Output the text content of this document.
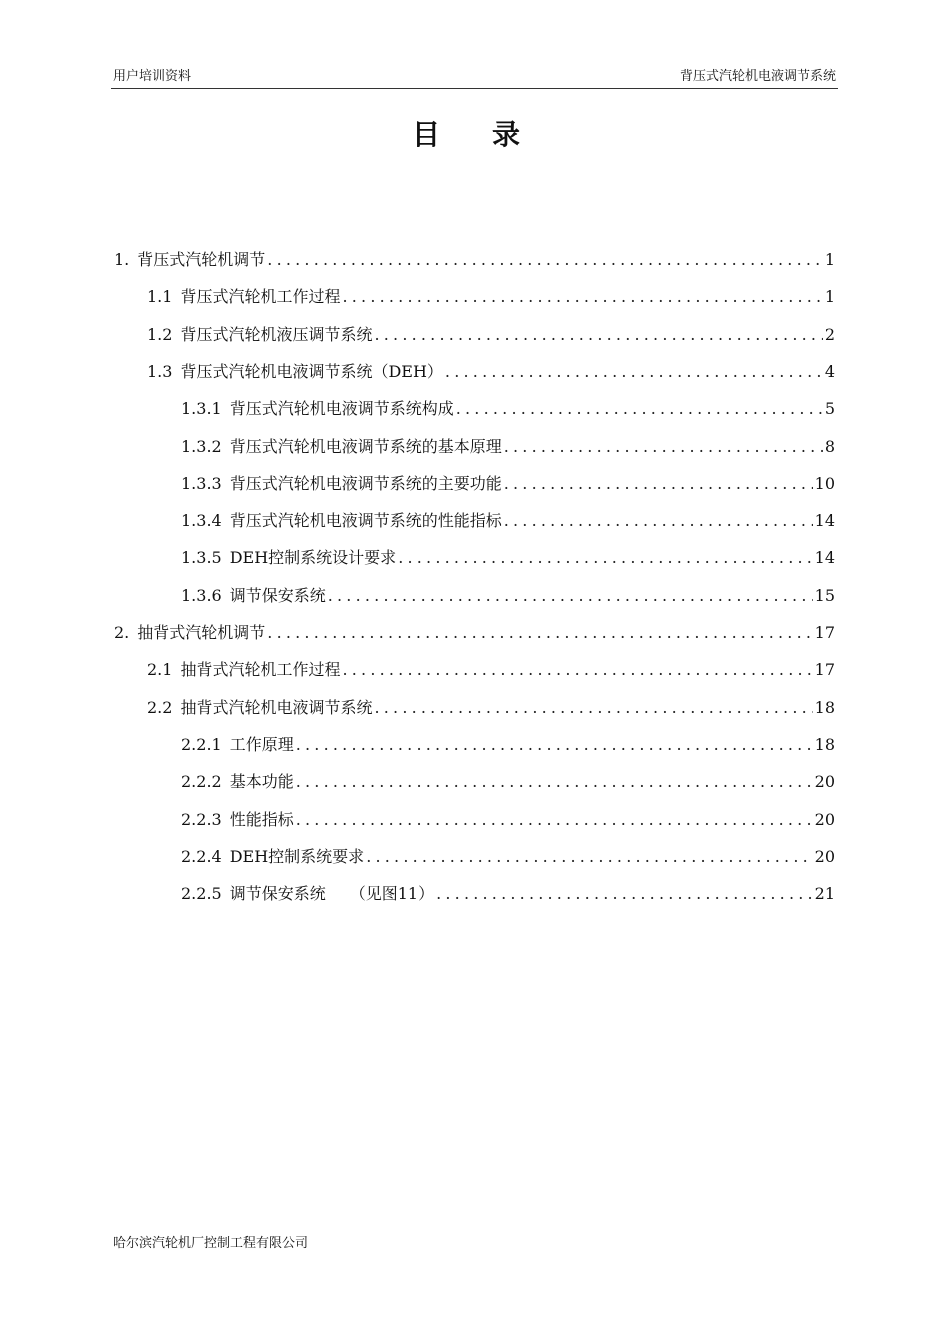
用户培训资料	背压式汽轮机电液调节系统
目录
1. 背压式汽轮机调节 .....	1
1.1 背压式汽轮机工作过程 .....	1
1.2 背压式汽轮机液压调节系统 .....	2
1.3 背压式汽轮机电液调节系统（DEH） .....	4
1.3.1 背压式汽轮机电液调节系统构成 .....	5
1.3.2 背压式汽轮机电液调节系统的基本原理 .....	8
1.3.3 背压式汽轮机电液调节系统的主要功能 .....	10
1.3.4 背压式汽轮机电液调节系统的性能指标 .....	14
1.3.5 DEH控制系统设计要求 .....	14
1.3.6 调节保安系统 .....	15
2. 抽背式汽轮机调节 .....	17
2.1 抽背式汽轮机工作过程 .....	17
2.2 抽背式汽轮机电液调节系统 .....	18
2.2.1 工作原理 .....	18
2.2.2 基本功能 .....	20
2.2.3 性能指标 .....	20
2.2.4 DEH控制系统要求 .....	20
2.2.5 调节保安系统　　（见图11） .....	21
哈尔滨汽轮机厂控制工程有限公司
